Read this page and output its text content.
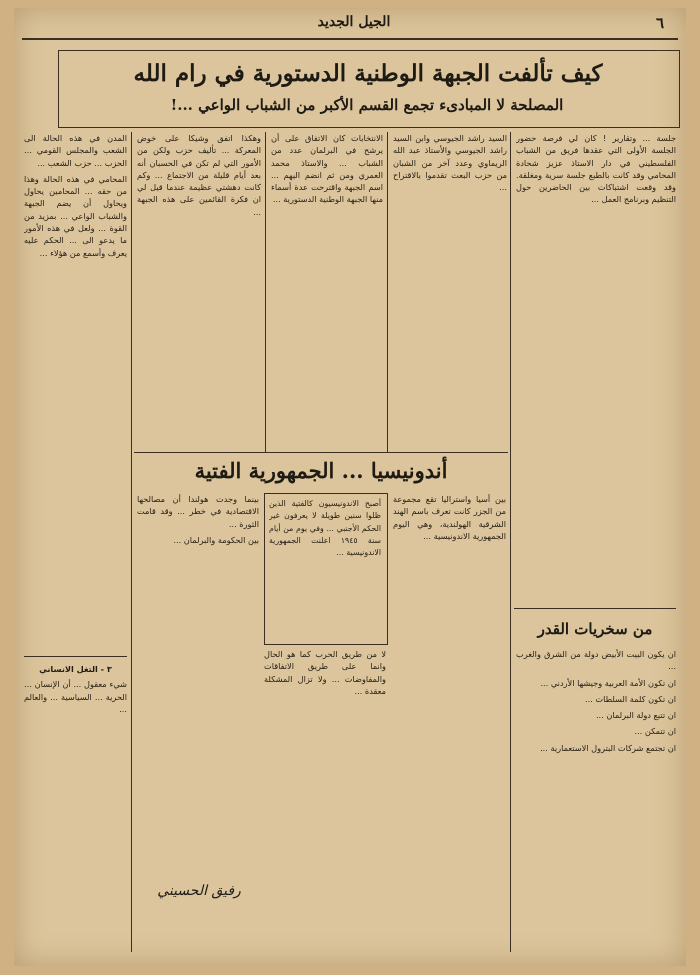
٦
الجيل الجديد
كيف تألفت الجبهة الوطنية الدستورية في رام الله
المصلحة لا المبادىء تجمع القسم الأكبر من الشباب الواعي ...!

جلسة ... وتقارير ! كان لي فرصة حضور الجلسة الأولى التي عقدها فريق من الشباب الفلسطيني في دار الاستاذ عزيز شحادة المحامي وقد كانت بالطبع جلسة سرية ومغلقة. وقد وقعت اشتباكات بين الحاضرين حول التنظيم وبرنامج العمل ...

السيد راشد الجيوسي وابن السيد راشد الجيوسي والأستاذ عبد الله الريماوي وعدد آخر من الشبان من حزب البعث تقدموا بالاقتراح ...

الانتخابات كان الاتفاق على أن يرشح في البرلمان عدد من الشباب ... والاستاذ محمد العمري ومن ثم انضم اليهم ... اسم الجبهة واقترحت عدة أسماء منها الجبهة الوطنية الدستورية ...

وهكذا اتفق وشيكا على خوض المعركة ... تأليف حزب ولكن من الأمور التي لم تكن في الحسبان أنه بعد أيام قليلة من الاجتماع ... وكم كانت دهشتي عظيمة عندما قيل لي ان فكرة القائمين على هذه الجبهة ...

المدن في هذه الحالة الى الشعب والمجلس القومي ... الحزب ... حزب الشعب ...

المحامي في هذه الحالة وهذا من حقه ... المحامين يحاول ويحاول أن يضم الجبهة والشباب الواعي ... بمزيد من القوة ... ولعل في هذه الأمور ما يدعو الى ... الحكم عليه يعرف وأسمع من هؤلاء ...

٣ - التغل الانساني

شيء معقول ... أن الإنسان ... الحرية ... السياسية ... والعالم ...

أندونيسيا ... الجمهورية الفتية
أصبح الاندونيسيون كالفتية الذين ظلوا سنين طويلة لا يعرفون غير الحكم الأجنبي ... وفي يوم من أيام سنة ١٩٤٥ اعلنت الجمهورية الاندونيسية ...

بين أسيا واستراليا تقع مجموعة من الجزر كانت تعرف باسم الهند الشرقية الهولندية، وهي اليوم الجمهورية الاندونيسية ...

لا من طريق الحرب كما هو الحال وانما على طريق الاتفاقات والمفاوضات ... ولا تزال المشكلة معقدة ...

بينما وجدت هولندا أن مصالحها الاقتصادية في خطر ... وقد قامت الثورة ...

بين الحكومة والبرلمان ...

رفيق الحسيني
من سخريات القدر

ان يكون البيت الأبيض دولة من الشرق والغرب ...

ان تكون الأمة العربية وجيشها الأردني ...

ان تكون كلمة السلطات ...

ان تتبع دولة البرلمان ...

ان تتمكن ...

ان تجتمع شركات البترول الاستعمارية ...
